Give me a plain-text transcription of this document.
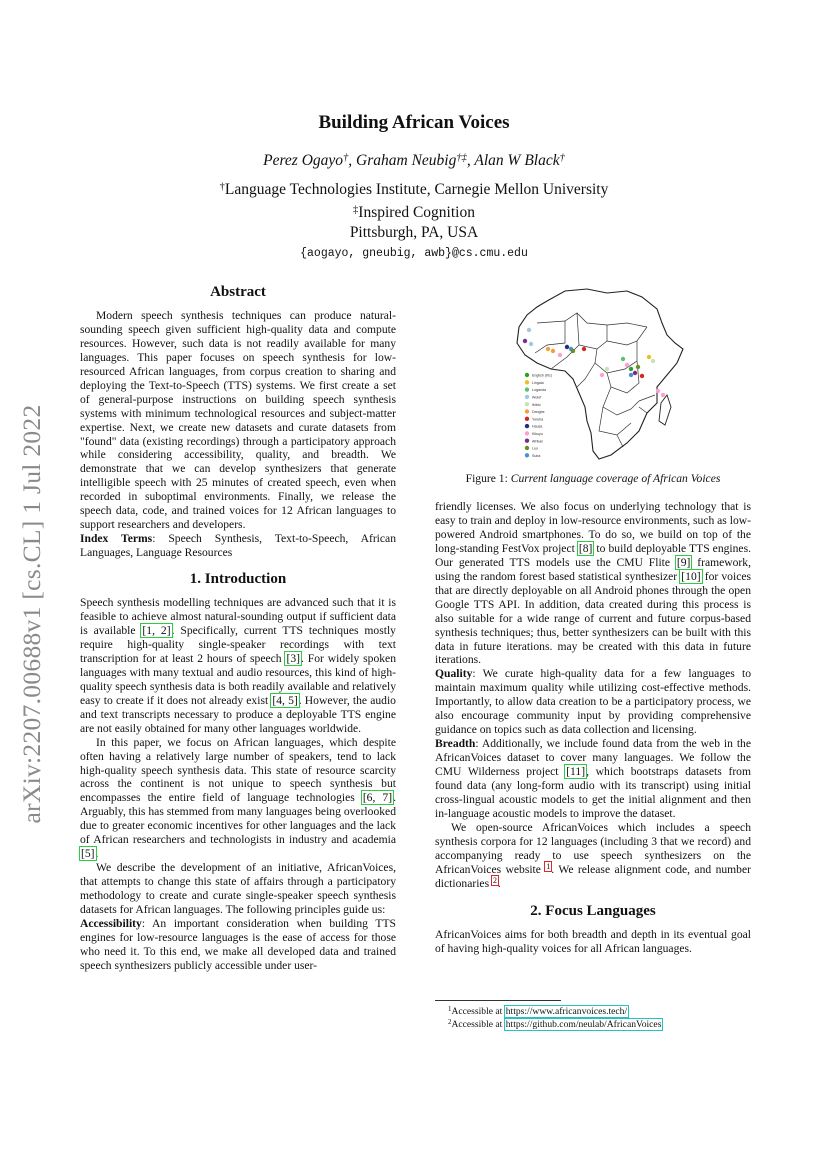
arXiv:2207.00688v1 [cs.CL] 1 Jul 2022
Building African Voices
Perez Ogayo†, Graham Neubig†‡, Alan W Black†
†Language Technologies Institute, Carnegie Mellon University
‡Inspired Cognition
Pittsburgh, PA, USA
{aogayo, gneubig, awb}@cs.cmu.edu
Abstract

Modern speech synthesis techniques can produce natural-sounding speech given sufficient high-quality data and compute resources. However, such data is not readily available for many languages. This paper focuses on speech synthesis for low-resourced African languages, from corpus creation to sharing and deploying the Text-to-Speech (TTS) systems. We first create a set of general-purpose instructions on building speech synthesis systems with minimum technological resources and subject-matter expertise. Next, we create new datasets and curate datasets from "found" data (existing recordings) through a participatory approach while considering accessibility, quality, and breadth. We demonstrate that we can develop synthesizers that generate intelligible speech with 25 minutes of created speech, even when recorded in suboptimal environments. Finally, we release the speech data, code, and trained voices for 12 African languages to support researchers and developers.

Index Terms: Speech Synthesis, Text-to-Speech, African Languages, Language Resources

1. Introduction

Speech synthesis modelling techniques are advanced such that it is feasible to achieve almost natural-sounding output if sufficient data is available [1, 2]. Specifically, current TTS techniques mostly require high-quality single-speaker recordings with text transcription for at least 2 hours of speech [3]. For widely spoken languages with many textual and audio resources, this kind of high-quality speech synthesis data is both readily available and relatively easy to create if it does not already exist [4, 5]. However, the audio and text transcripts necessary to produce a deployable TTS engine are not easily obtained for many other languages worldwide.

In this paper, we focus on African languages, which despite often having a relatively large number of speakers, tend to lack high-quality speech synthesis data. This state of resource scarcity across the continent is not unique to speech synthesis but encompasses the entire field of language technologies [6, 7]. Arguably, this has stemmed from many languages being overlooked due to greater economic incentives for other languages and the lack of African researchers and technologists in industry and academia [5].

We describe the development of an initiative, AfricanVoices, that attempts to change this state of affairs through a participatory methodology to create and curate single-speaker speech synthesis datasets for African languages. The following principles guide us:

Accessibility: An important consideration when building TTS engines for low-resource languages is the ease of access for those who need it. To this end, we make all developed data and trained speech synthesizers publicly accessible under user-

English (KE)
Lingala
Luganda
Wolof
Ibibio
Dangbe
Yoruba
Hausa
Kikuyu
Afrikan
Luo
Suba
Figure 1: Current language coverage of African Voices

friendly licenses. We also focus on underlying technology that is easy to train and deploy in low-resource environments, such as low-powered Android smartphones. To do so, we build on top of the long-standing FestVox project [8] to build deployable TTS engines. Our generated TTS models use the CMU Flite [9] framework, using the random forest based statistical synthesizer [10] for voices that are directly deployable on all Android phones through the open Google TTS API. In addition, data created during this process is also suitable for a wide range of current and future corpus-based synthesis techniques; thus, better synthesizers can be built with this data in future iterations. may be created with this data in future iterations.

Quality: We curate high-quality data for a few languages to maintain maximum quality while utilizing cost-effective methods. Importantly, to allow data creation to be a participatory process, we also encourage community input by providing comprehensive guidance on topics such as data collection and licensing.

Breadth: Additionally, we include found data from the web in the AfricanVoices dataset to cover many languages. We follow the CMU Wilderness project [11], which bootstraps datasets from found data (any long-form audio with its transcript) using initial cross-lingual acoustic models to get the initial alignment and then in-language acoustic models to improve the dataset.

We open-source AfricanVoices which includes a speech synthesis corpora for 12 languages (including 3 that we record) and accompanying ready to use speech synthesizers on the AfricanVoices website $^1$. We release alignment code, and number dictionaries $^2$.

2. Focus Languages

AfricanVoices aims for both breadth and depth in its eventual goal of having high-quality voices for all African languages.

$^1$Accessible at https://www.africanvoices.tech/
$^2$Accessible at https://github.com/neulab/AfricanVoices
